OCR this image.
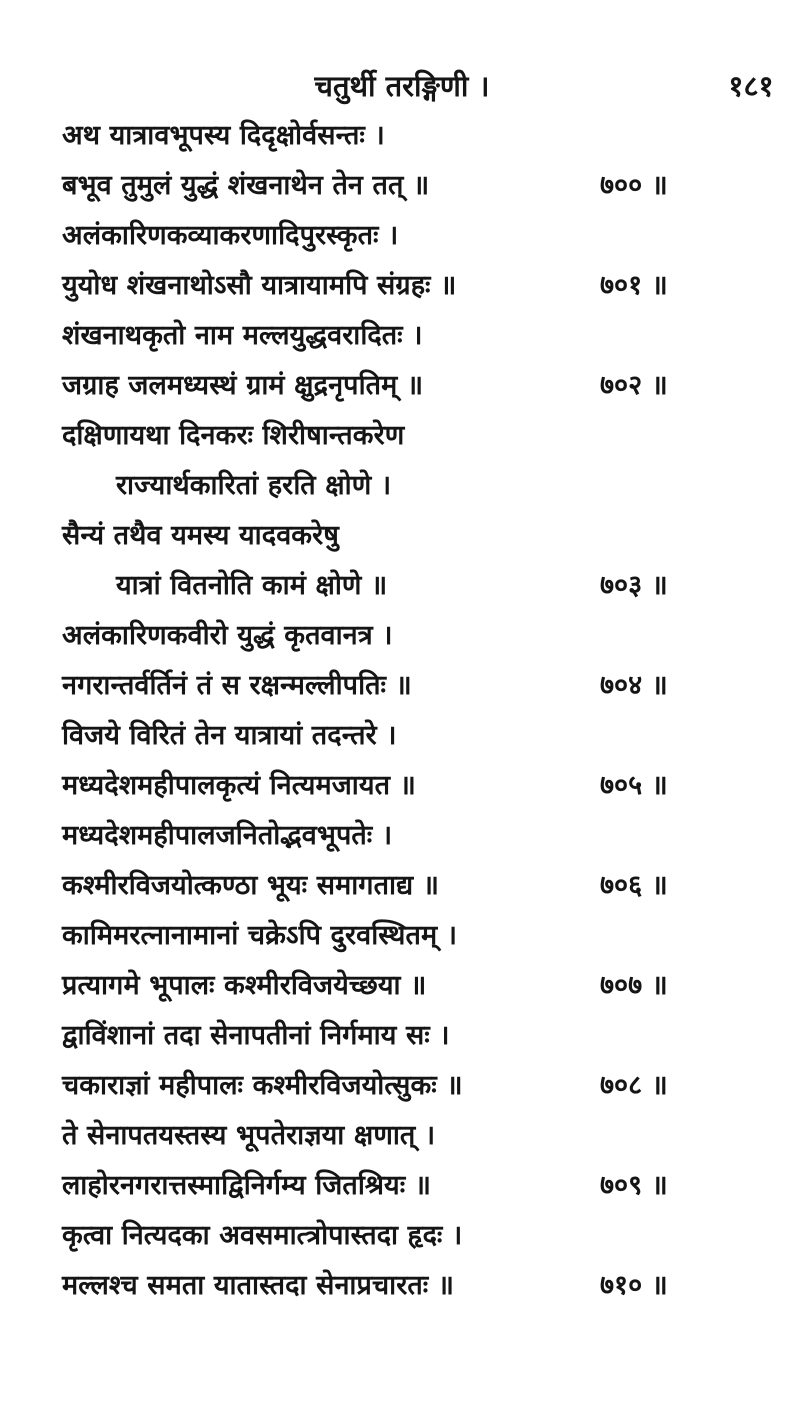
चतुर्थी तरङ्गिणी ।	१८१
अथ यात्रावभूपस्य दिदृक्षोर्वसन्तः ।
बभूव तुमुलं युद्धं शंखनाथेन तेन तत् ॥	७०० ॥
अलंकारिणकव्याकरणादिपुरस्कृतः ।
युयोध शंखनाथोऽसौ यात्रायामपि संग्रहः ॥	७०१ ॥
शंखनाथकृतो नाम मल्लयुद्धवरादितः ।
जग्राह जलमध्यस्थं ग्रामं क्षुद्रनृपतिम् ॥	७०२ ॥
दक्षिणायथा दिनकरः शिरीषान्तकरेण
राज्यार्थकारितां हरति क्षोणे ।
सैन्यं तथैव यमस्य यादवकरेषु
यात्रां वितनोति कामं क्षोणे ॥	७०३ ॥
अलंकारिणकवीरो युद्धं कृतवानत्र ।
नगरान्तर्वर्तिनं तं स रक्षन्मल्लीपतिः ॥	७०४ ॥
विजये विरितं तेन यात्रायां तदन्तरे ।
मध्यदेशमहीपालकृत्यं नित्यमजायत ॥	७०५ ॥
मध्यदेशमहीपालजनितोद्भवभूपतेः ।
कश्मीरविजयोत्कण्ठा भूयः समागताद्य ॥	७०६ ॥
कामिमरत्नानामानां चक्रेऽपि दुरवस्थितम् ।
प्रत्यागमे भूपालः कश्मीरविजयेच्छया ॥	७०७ ॥
द्वाविंशानां तदा सेनापतीनां निर्गमाय सः ।
चकाराज्ञां महीपालः कश्मीरविजयोत्सुकः ॥	७०८ ॥
ते सेनापतयस्तस्य भूपतेराज्ञया क्षणात् ।
लाहोरनगरात्तस्माद्विनिर्गम्य जितश्रियः ॥	७०९ ॥
कृत्वा नित्यदका अवसमात्त्रोपास्तदा हृदः ।
मल्लश्च समता यातास्तदा सेनाप्रचारतः ॥	७१० ॥
